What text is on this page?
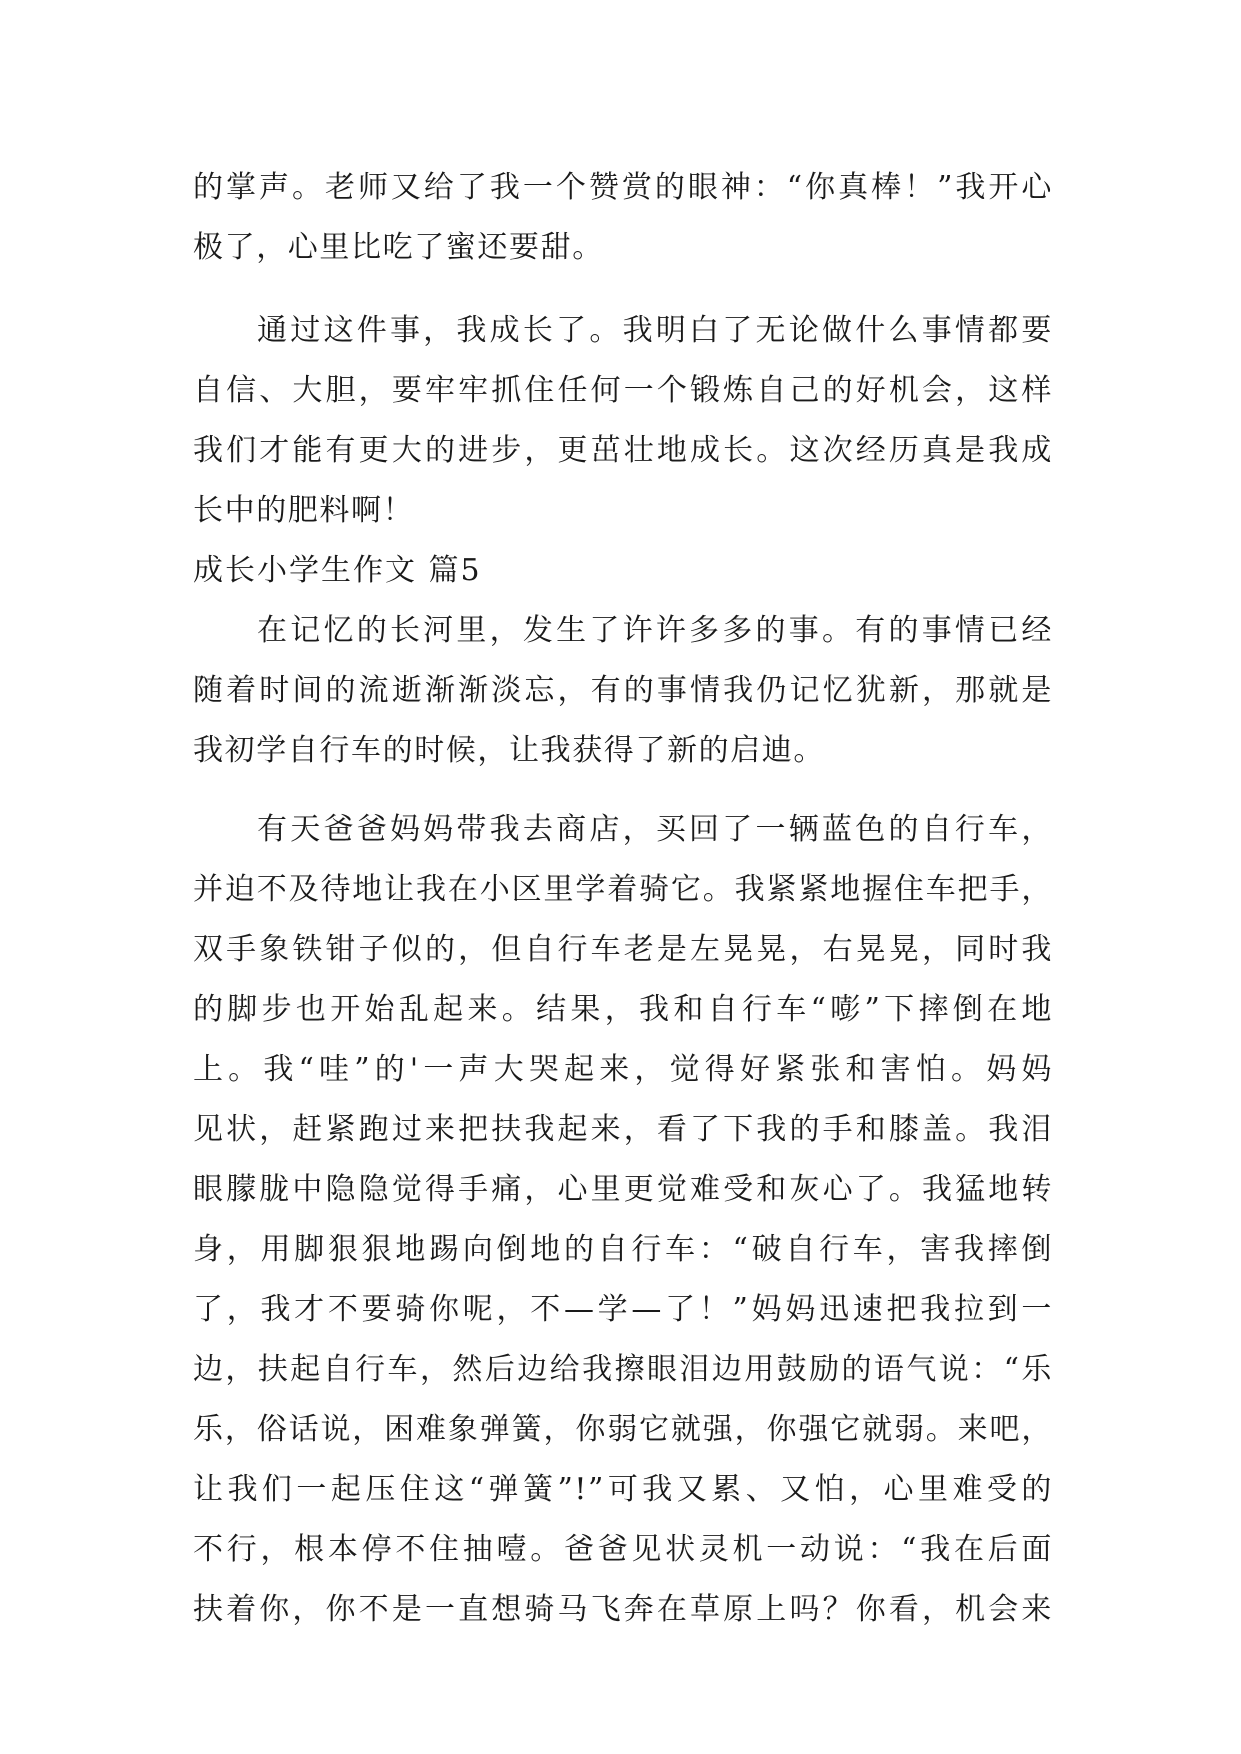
的掌声。老师又给了我一个赞赏的眼神：“你真棒！”我开心
极了，心里比吃了蜜还要甜。
通过这件事，我成长了。我明白了无论做什么事情都要
自信、大胆，要牢牢抓住任何一个锻炼自己的好机会，这样
我们才能有更大的进步，更茁壮地成长。这次经历真是我成
长中的肥料啊！
成长小学生作文 篇5
在记忆的长河里，发生了许许多多的事。有的事情已经
随着时间的流逝渐渐淡忘，有的事情我仍记忆犹新，那就是
我初学自行车的时候，让我获得了新的启迪。
有天爸爸妈妈带我去商店，买回了一辆蓝色的自行车，
并迫不及待地让我在小区里学着骑它。我紧紧地握住车把手，
双手象铁钳子似的，但自行车老是左晃晃，右晃晃，同时我
的脚步也开始乱起来。结果，我和自行车“嘭”下摔倒在地
上。我“哇”的'一声大哭起来，觉得好紧张和害怕。妈妈
见状，赶紧跑过来把扶我起来，看了下我的手和膝盖。我泪
眼朦胧中隐隐觉得手痛，心里更觉难受和灰心了。我猛地转
身，用脚狠狠地踢向倒地的自行车：“破自行车，害我摔倒
了，我才不要骑你呢，不—学—了！”妈妈迅速把我拉到一
边，扶起自行车，然后边给我擦眼泪边用鼓励的语气说：“乐
乐，俗话说，困难象弹簧，你弱它就强，你强它就弱。来吧，
让我们一起压住这“弹簧”!”可我又累、又怕，心里难受的
不行，根本停不住抽噎。爸爸见状灵机一动说：“我在后面
扶着你，你不是一直想骑马飞奔在草原上吗？你看，机会来
